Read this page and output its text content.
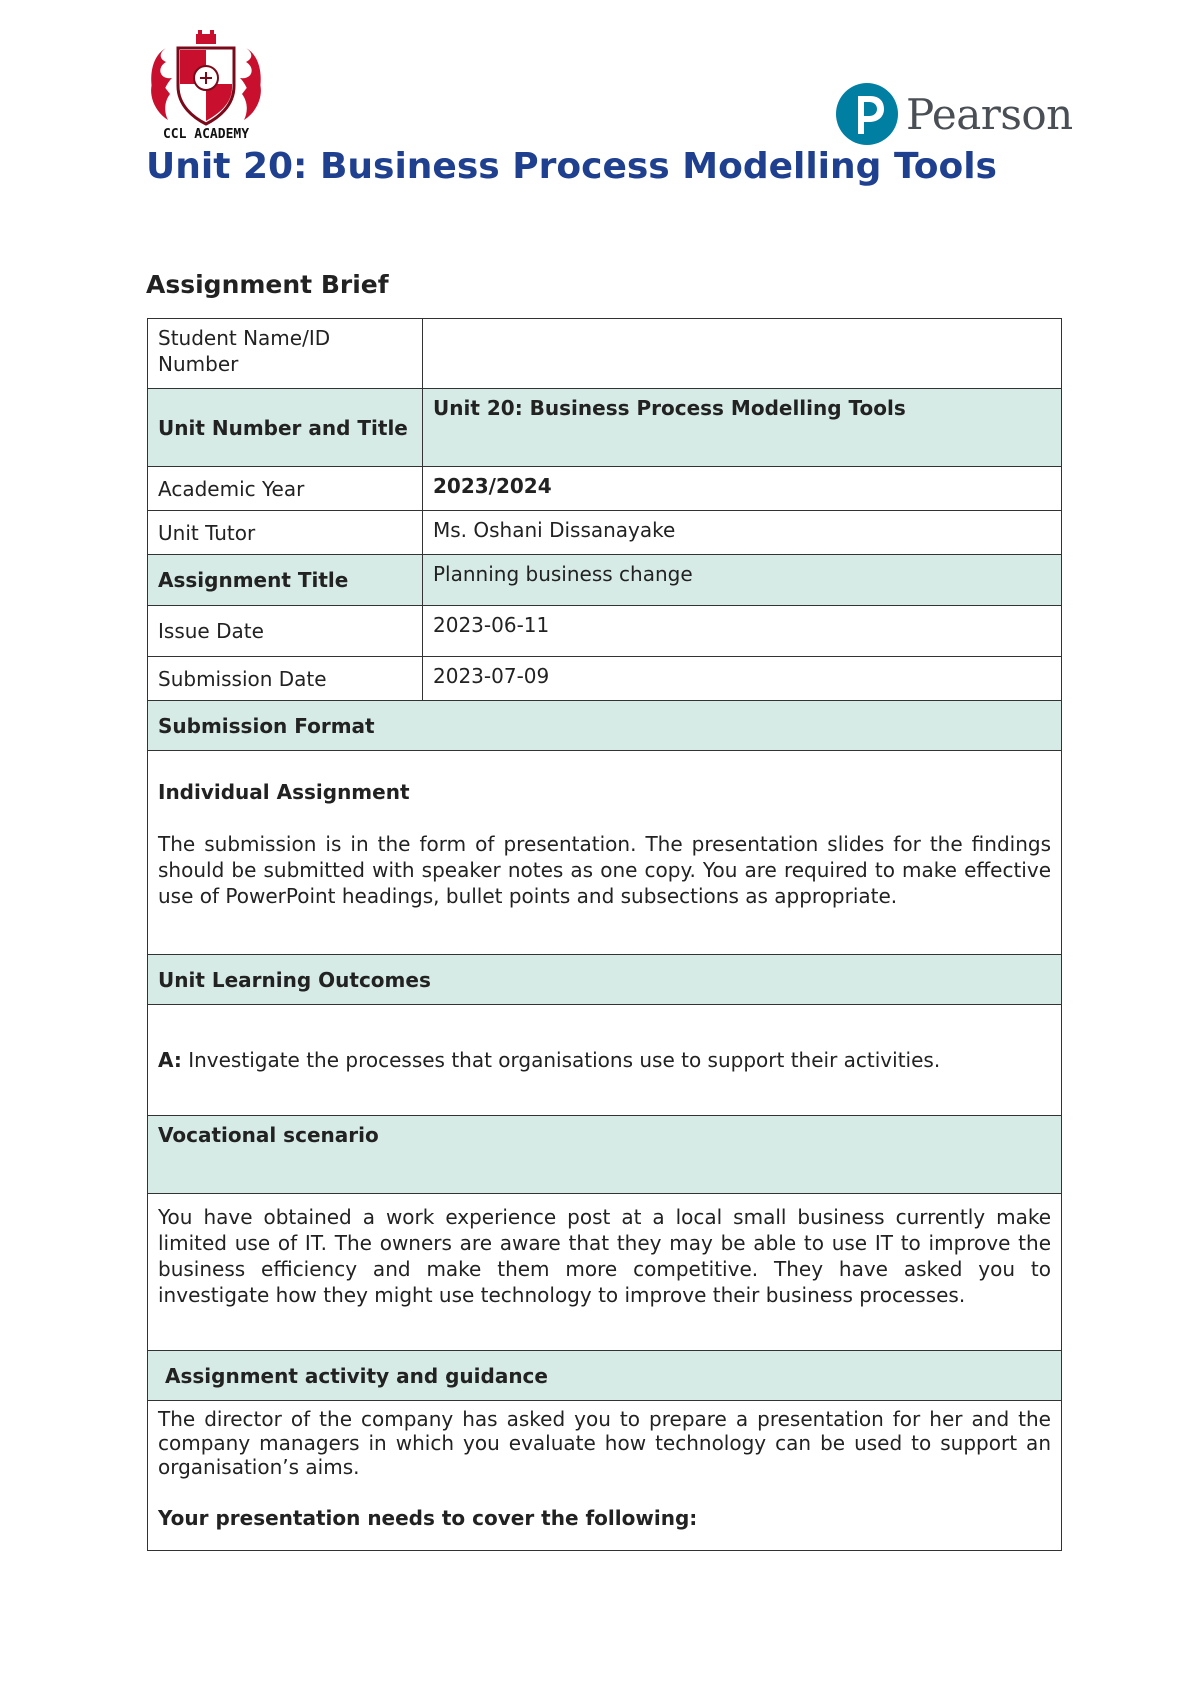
CCL ACADEMY	Pearson
Unit 20: Business Process Modelling Tools
Assignment Brief
Student Name/ID Number	
Unit Number and Title	Unit 20: Business Process Modelling Tools
Academic Year	2023/2024
Unit Tutor	Ms. Oshani Dissanayake
Assignment Title	Planning business change
Issue Date	2023-06-11
Submission Date	2023-07-09
Submission Format	

Individual Assignment

The submission is in the form of presentation. The presentation slides for the findings should be submitted with speaker notes as one copy. You are required to make effective use of PowerPoint headings, bullet points and subsections as appropriate.	

Unit Learning Outcomes	
A: Investigate the processes that organisations use to support their activities.	
Vocational scenario	
You have obtained a work experience post at a local small business currently make limited use of IT. The owners are aware that they may be able to use IT to improve the business efficiency and make them more competitive. They have asked you to investigate how they might use technology to improve their business processes.	
Assignment activity and guidance	

The director of the company has asked you to prepare a presentation for her and the company managers in which you evaluate how technology can be used to support an organisation’s aims.

Your presentation needs to cover the following:	
